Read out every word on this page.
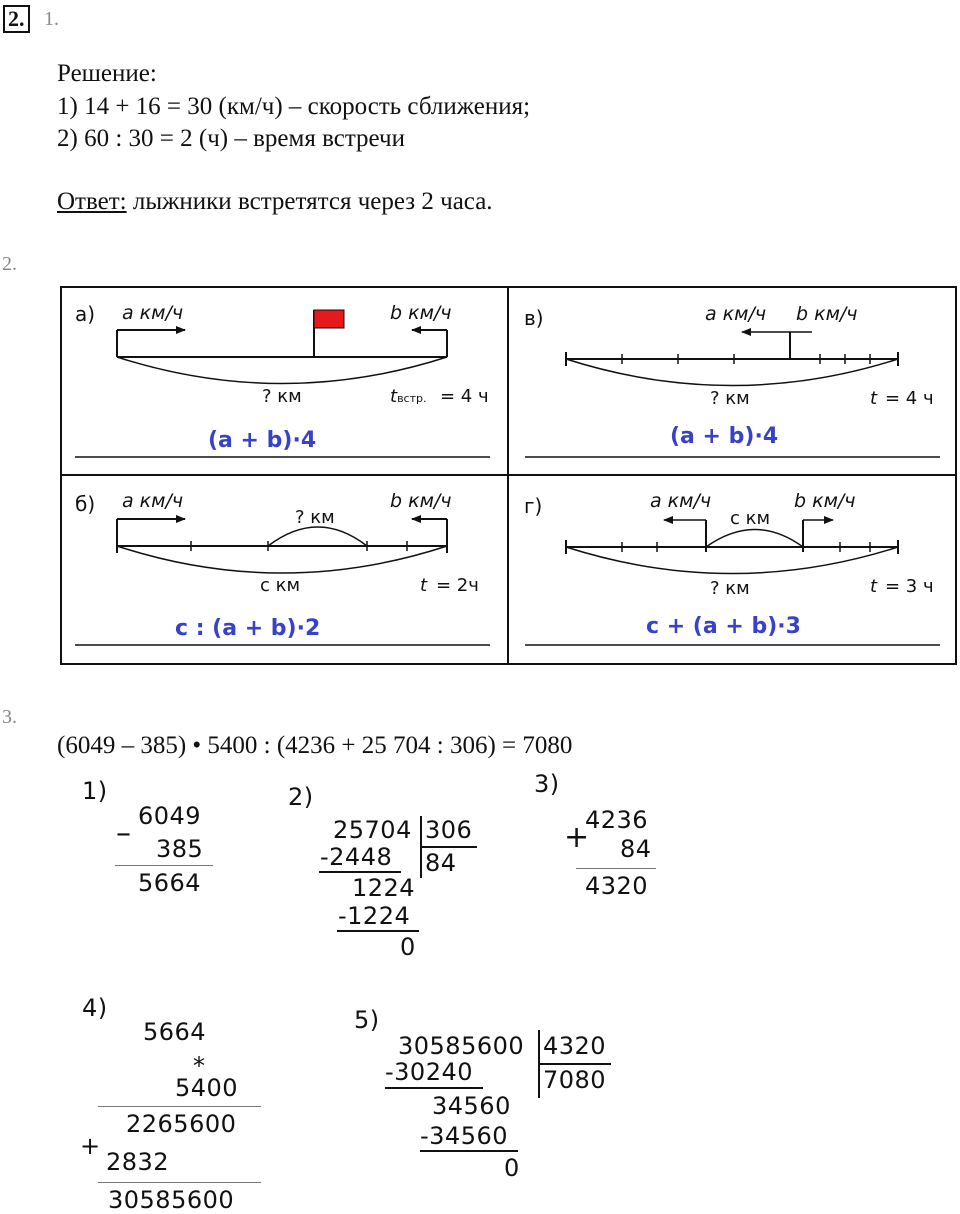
2. 1.
Решение:
1) 14 + 16 = 30 (км/ч) – скорость сближения;
2) 60 : 30 = 2 (ч) – время встречи
Ответ: лыжники встретятся через 2 часа.
2.
а) a км/ч	b км/ч
? км	tвстр. = 4 ч
(a + b)·4
в)	a км/ч b км/ч
? км	t = 4 ч
(a + b)·4
б) a км/ч	b км/ч
? км
c км	t = 2ч
c : (a + b)·2
г)	a км/ч	b км/ч
c км
? км	t = 3 ч
c + (a + b)·3
3.
(6049 – 385) • 5400 : (4236 + 25 704 : 306) = 7080
1)
– 6049
385
5664
2)
25704 306
84
-2448
1224
-1224
0
3)
+
4236
84
4320
4)
5664
*
5400
2265600
+
2832
30585600
5)
30585600 4320
7080
-30240
34560
-34560
0
